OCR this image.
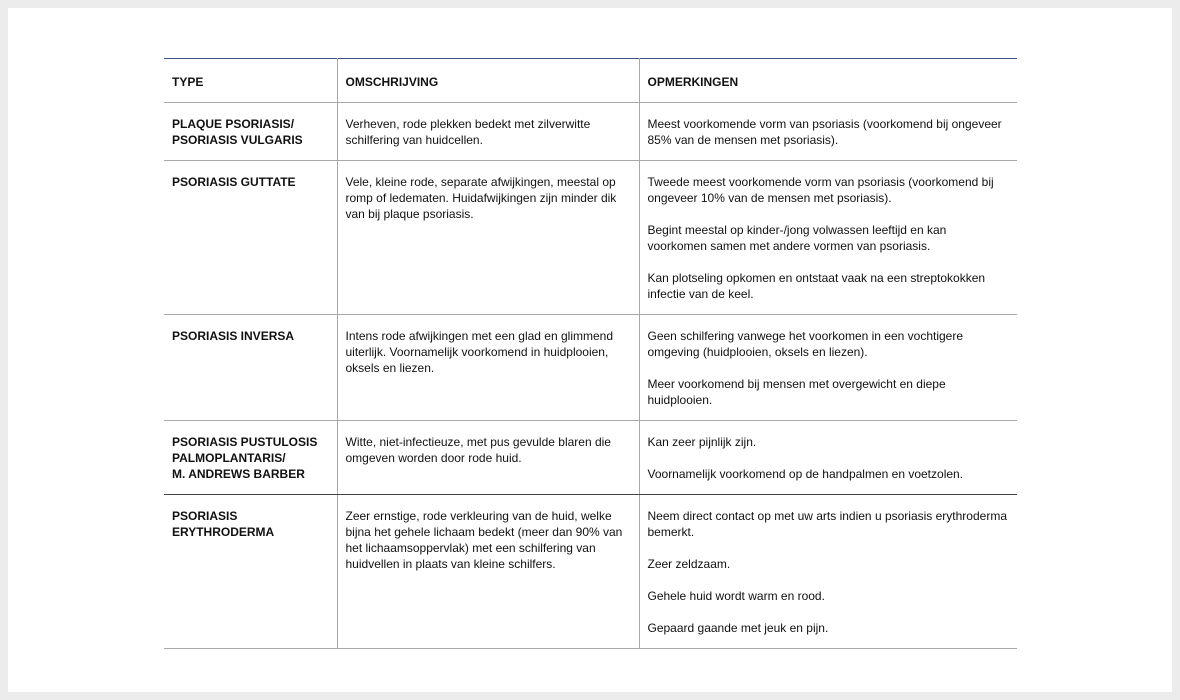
TYPE	OMSCHRIJVING	OPMERKINGEN

PLAQUE PSORIASIS/
PSORIASIS VULGARIS	Verheven, rode plekken bedekt met zilverwitte schilfering van huidcellen.	Meest voorkomende vorm van psoriasis (voorkomend bij ongeveer 85% van de mensen met psoriasis).

PSORIASIS GUTTATE	Vele, kleine rode, separate afwijkingen, meestal op romp of ledematen. Huidafwijkingen zijn minder dik van bij plaque psoriasis.	Tweede meest voorkomende vorm van psoriasis (voorkomend bij ongeveer 10% van de mensen met psoriasis).
Begint meestal op kinder-/jong volwassen leeftijd en kan voorkomen samen met andere vormen van psoriasis.
Kan plotseling opkomen en ontstaat vaak na een streptokokken infectie van de keel.

PSORIASIS INVERSA	Intens rode afwijkingen met een glad en glimmend uiterlijk. Voornamelijk voorkomend in huidplooien, oksels en liezen.	Geen schilfering vanwege het voorkomen in een vochtigere omgeving (huidplooien, oksels en liezen).
Meer voorkomend bij mensen met overgewicht en diepe huidplooien.

PSORIASIS PUSTULOSIS
PALMOPLANTARIS/
M. ANDREWS BARBER	Witte, niet-infectieuze, met pus gevulde blaren die omgeven worden door rode huid.	Kan zeer pijnlijk zijn.
Voornamelijk voorkomend op de handpalmen en voetzolen.

PSORIASIS
ERYTHRODERMA	Zeer ernstige, rode verkleuring van de huid, welke bijna het gehele lichaam bedekt (meer dan 90% van het lichaamsoppervlak) met een schilfering van huidvellen in plaats van kleine schilfers.	Neem direct contact op met uw arts indien u psoriasis erythroderma bemerkt.
Zeer zeldzaam.
Gehele huid wordt warm en rood.
Gepaard gaande met jeuk en pijn.
